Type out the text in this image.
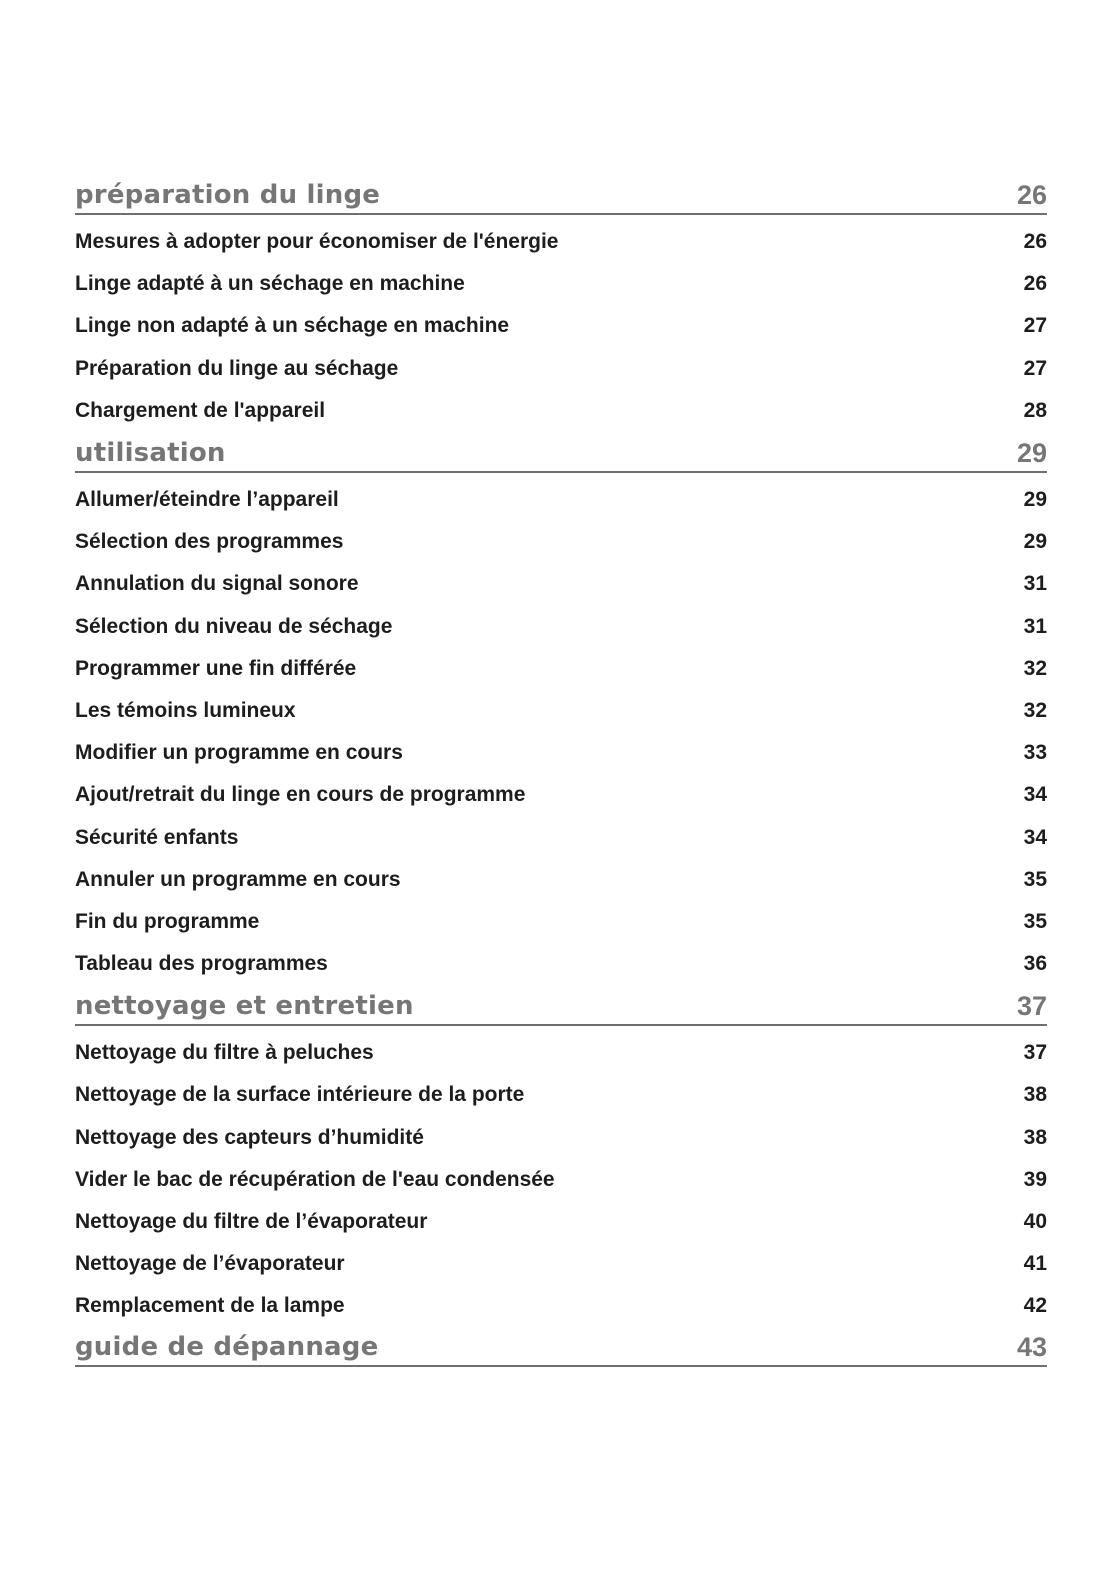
préparation du linge	26
Mesures à adopter pour économiser de l'énergie	26
Linge adapté à un séchage en machine	26
Linge non adapté à un séchage en machine	27
Préparation du linge au séchage	27
Chargement de l'appareil	28
utilisation	29
Allumer/éteindre l’appareil	29
Sélection des programmes	29
Annulation du signal sonore	31
Sélection du niveau de séchage	31
Programmer une fin différée	32
Les témoins lumineux	32
Modifier un programme en cours	33
Ajout/retrait du linge en cours de programme	34
Sécurité enfants	34
Annuler un programme en cours	35
Fin du programme	35
Tableau des programmes	36
nettoyage et entretien	37
Nettoyage du filtre à peluches	37
Nettoyage de la surface intérieure de la porte	38
Nettoyage des capteurs d’humidité	38
Vider le bac de récupération de l'eau condensée	39
Nettoyage du filtre de l’évaporateur	40
Nettoyage de l’évaporateur	41
Remplacement de la lampe	42
guide de dépannage	43
